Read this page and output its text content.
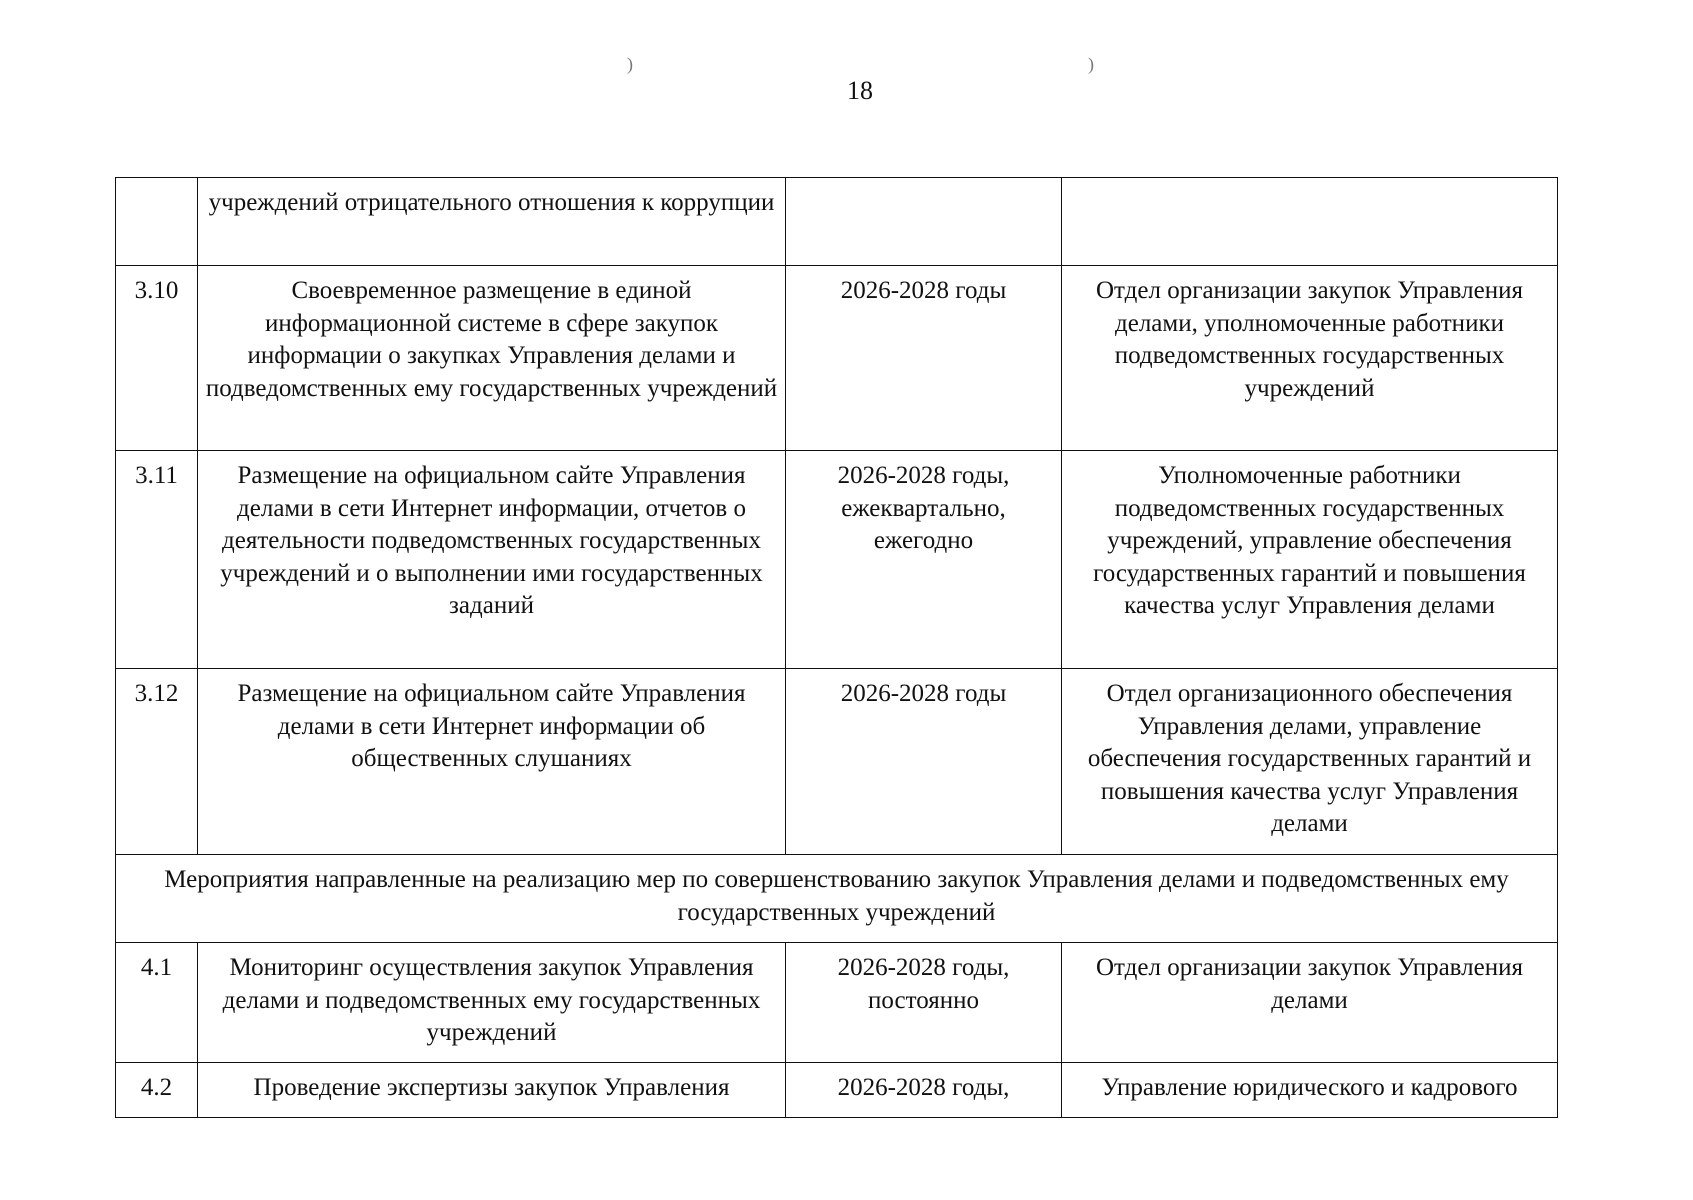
)	)
18
	учреждений отрицательного отношения к коррупции		
3.10	Своевременное размещение в единой информационной системе в сфере закупок информации о закупках Управления делами и подведомственных ему государственных учреждений	2026-2028 годы	Отдел организации закупок Управления делами, уполномоченные работники подведомственных государственных учреждений
3.11	Размещение на официальном сайте Управления делами в сети Интернет информации, отчетов о деятельности подведомственных государственных учреждений и о выполнении ими государственных заданий	2026-2028 годы, ежеквартально, ежегодно	Уполномоченные работники подведомственных государственных учреждений, управление обеспечения государственных гарантий и повышения качества услуг Управления делами
3.12	Размещение на официальном сайте Управления делами в сети Интернет информации об общественных слушаниях	2026-2028 годы	Отдел организационного обеспечения Управления делами, управление обеспечения государственных гарантий и повышения качества услуг Управления делами
Мероприятия направленные на реализацию мер по совершенствованию закупок Управления делами и подведомственных ему государственных учреждений			
4.1	Мониторинг осуществления закупок Управления делами и подведомственных ему государственных учреждений	2026-2028 годы, постоянно	Отдел организации закупок Управления делами
4.2	Проведение экспертизы закупок Управления	2026-2028 годы,	Управление юридического и кадрового
